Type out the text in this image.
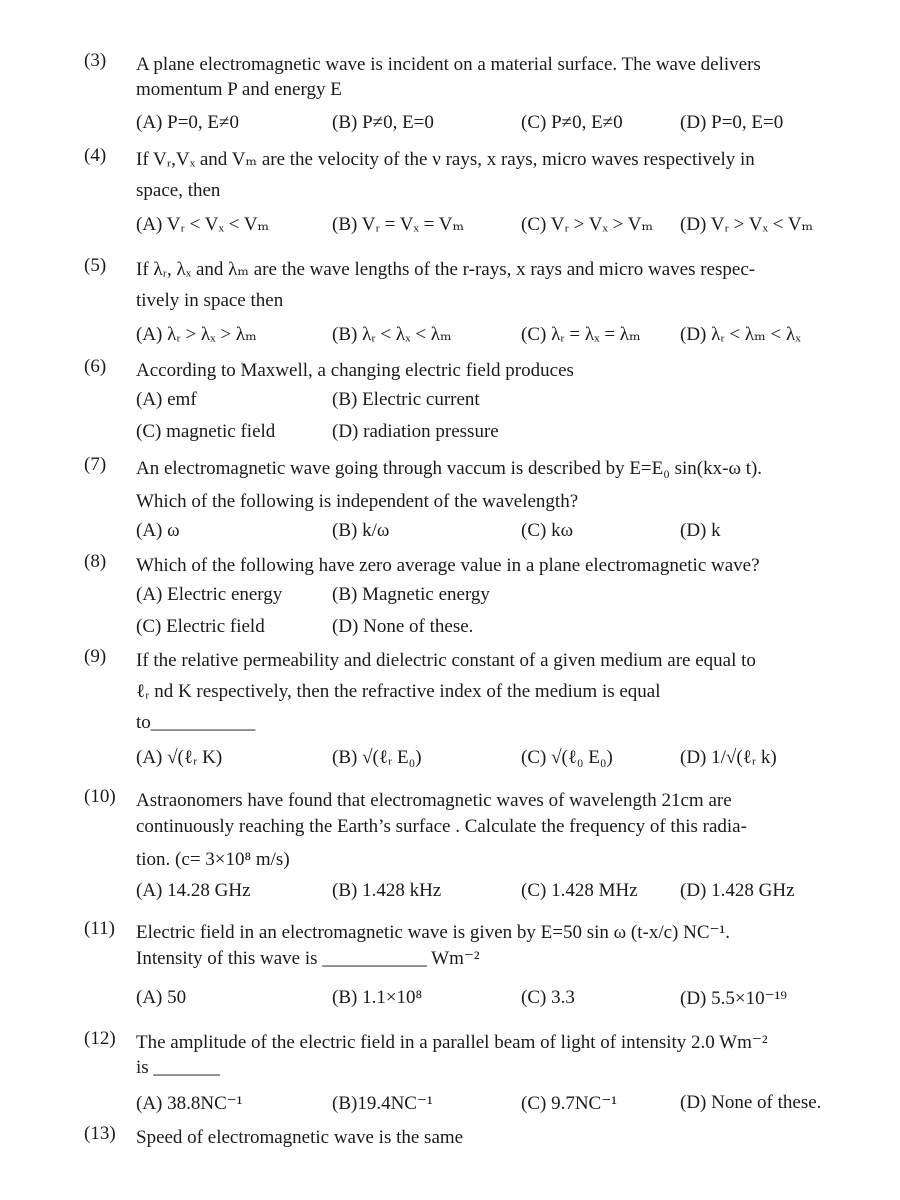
(3) A plane electromagnetic wave is incident on a material surface. The wave delivers
momentum P and energy E
(A) P=0, E≠0	(B) P≠0, E=0	(C) P≠0, E≠0	(D) P=0, E=0
(4) If Vᵣ,Vₓ and Vₘ are the velocity of the ν rays, x rays, micro waves respectively in
space, then
(A) Vᵣ < Vₓ < Vₘ	(B) Vᵣ = Vₓ = Vₘ	(C) Vᵣ > Vₓ > Vₘ (D) Vᵣ > Vₓ < Vₘ
(5) If λᵣ, λₓ and λₘ are the wave lengths of the r-rays, x rays and micro waves respec-
tively in space then
(A) λᵣ > λₓ > λₘ	(B) λᵣ < λₓ < λₘ	(C) λᵣ = λₓ = λₘ (D) λᵣ < λₘ < λₓ
(6) According to Maxwell, a changing electric field produces
(A) emf	(B) Electric current
(C) magnetic field	(D) radiation pressure
(7) An electromagnetic wave going through vaccum is described by E=E₀ sin(kx-ω t).
Which of the following is independent of the wavelength?
(A) ω	(B) k/ω	(C) kω	(D) k
(8) Which of the following have zero average value in a plane electromagnetic wave?
(A) Electric energy	(B) Magnetic energy
(C) Electric field	(D) None of these.
(9) If the relative permeability and dielectric constant of a given medium are equal to
ℓᵣ nd K respectively, then the refractive index of the medium is equal
to___________
(A) √(ℓᵣ K)	(B) √(ℓᵣ E₀)	(C) √(ℓ₀ E₀)	(D) 1/√(ℓᵣ k)
(10) Astraonomers have found that electromagnetic waves of wavelength 21cm are
continuously reaching the Earth’s surface . Calculate the frequency of this radia-
tion. (c= 3×10⁸ m/s)
(A) 14.28 GHz	(B) 1.428 kHz	(C) 1.428 MHz (D) 1.428 GHz
(11) Electric field in an electromagnetic wave is given by E=50 sin ω (t-x/c) NC⁻¹.
Intensity of this wave is ___________ Wm⁻²
(A) 50	(B) 1.1×10⁸	(C) 3.3	(D) 5.5×10⁻¹⁹
(12) The amplitude of the electric field in a parallel beam of light of intensity 2.0 Wm⁻²
is _______
(A) 38.8NC⁻¹	(B)19.4NC⁻¹	(C) 9.7NC⁻¹	(D) None of these.
(13) Speed of electromagnetic wave is the same
